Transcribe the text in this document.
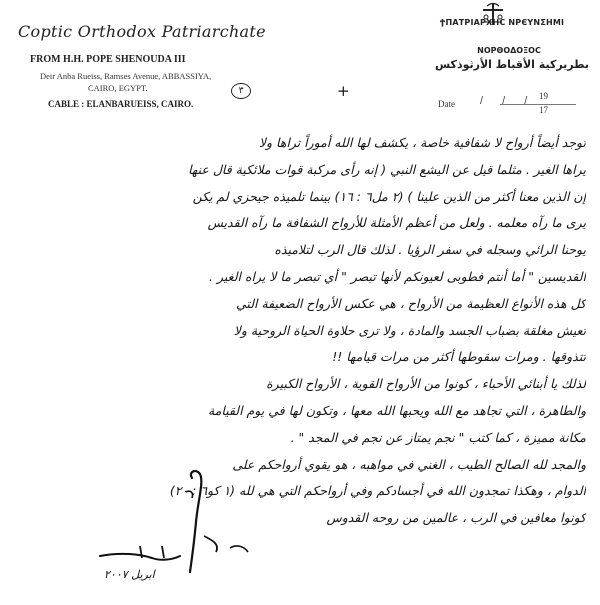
Coptic Orthodox Patriarchate
FROM H.H. POPE SHENOUDA III
Deir Anba Rueiss, Ramses Avenue, ABBASSIYA,
CAIRO, EGYPT.
CABLE : ELANBARUEISS, CAIRO.
٣	+
ϮΠΑΤΡΙΑΡΧΗϹ ΝΡЄΥΝΣΗΜΙ
ΝΟΡΘΟΔΟΞΟϹ
بطريركية الأقباط الأرثوذكس
Date / / / 19
17

توجد أيضاً أرواح لا شفافية خاصة ، يكشف لها الله أموراً تراها ولا

يراها الغير . مثلما قيل عن اليشع النبي ( إنه رأى مركبة قوات ملائكية قال عنها

إن الذين معنا أكثر من الذين علينا ) (٢ مل٦ : ١٦) بينما تلميذه جيحزي لم يكن

يرى ما رآه معلمه . ولعل من أعظم الأمثلة للأرواح الشفافة ما رآه القديس

يوحنا الرائي وسجله في سفر الرؤيا . لذلك قال الرب لتلاميذه

القديسين " أما أنتم فطوبى لعيونكم لأنها تبصر " أي تبصر ما لا يراه الغير .

كل هذه الأنواع العظيمة من الأرواح ، هي عكس الأرواح الضعيفة التي

تعيش مغلقة بضباب الجسد والمادة ، ولا ترى حلاوة الحياة الروحية ولا

تتذوقها . ومرات سقوطها أكثر من مرات قيامها !!

لذلك يا أبنائي الأحباء ، كونوا من الأرواح القوية ، الأرواح الكبيرة

والطاهرة ، التي تجاهد مع الله ويحبها الله معها ، وتكون لها في يوم القيامة

مكانة مميزة ، كما كتب " نجم يمتاز عن نجم في المجد " .

والمجد لله الصالح الطيب ، الغني في مواهبه ، هو يقوي أرواحكم على

الدوام ، وهكذا تمجدون الله في أجسادكم وفي أرواحكم التي هي لله (١ كو٦ : ٢٠)

كونوا معافين في الرب ، عالمين من روحه القدوس

ابريل ٢٠٠٧
